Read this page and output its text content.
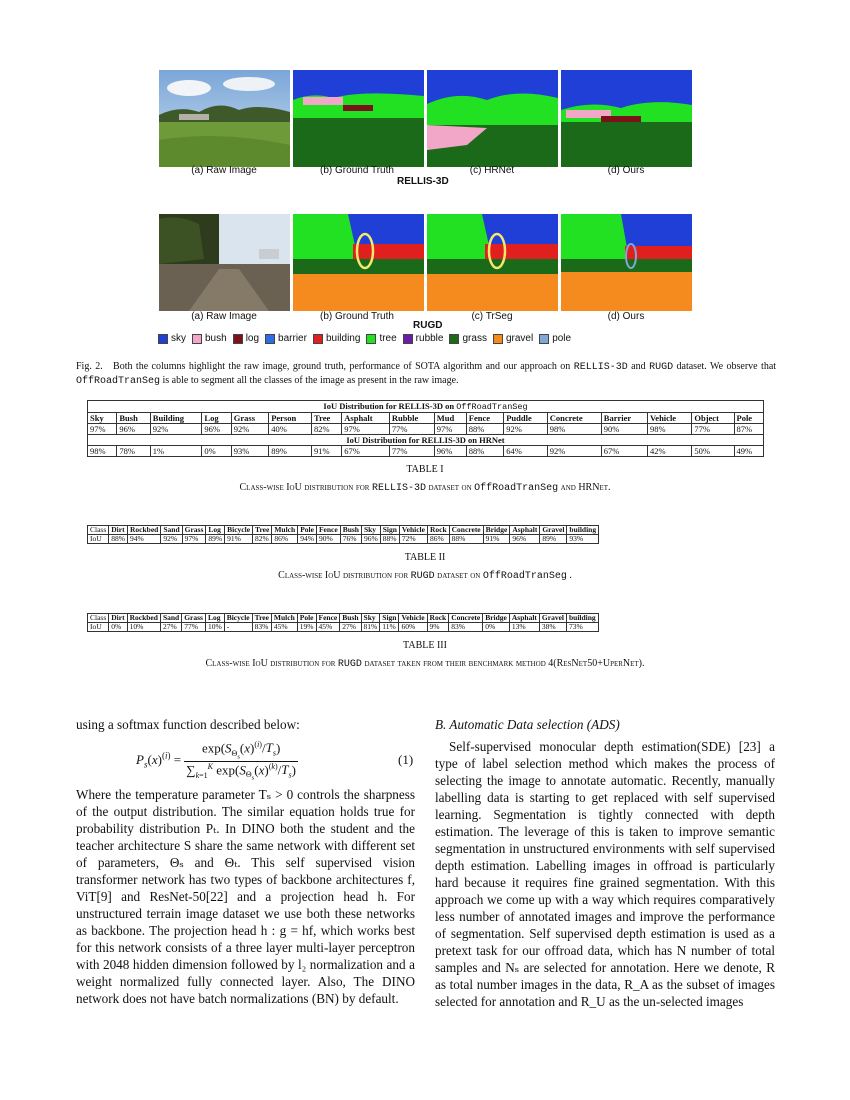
(a) Raw Image	(b) Ground Truth	(c) HRNet	(d) Ours
RELLIS-3D
(a) Raw Image	(b) Ground Truth	(c) TrSeg	(d) Ours
RUGD
sky bush log barrier building tree rubble grass gravel pole
Fig. 2. Both the columns highlight the raw image, ground truth, performance of SOTA algorithm and our approach on RELLIS-3D and RUGD dataset. We observe that OffRoadTranSeg is able to segment all the classes of the image as present in the raw image.
IoU Distribution for RELLIS-3D on OffRoadTranSeg																
Sky	Bush	Building	Log	Grass	Person	Tree	Asphalt	Rubble	Mud	Fence	Puddle	Concrete	Barrier	Vehicle	Object	Pole
97%	96%	92%	96%	92%	40%	82%	97%	77%	97%	88%	92%	98%	90%	98%	77%	87%
IoU Distribution for RELLIS-3D on HRNet																
98%	78%	1%	0%	93%	89%	91%	67%	77%	96%	88%	64%	92%	67%	42%	50%	49%
TABLE I
Class-wise IoU distribution for RELLIS-3D dataset on OffRoadTranSeg and HRNet.
Class	Dirt	Rockbed	Sand	Grass	Log	Bicycle	Tree	Mulch	Pole	Fence	Bush	Sky	Sign	Vehicle	Rock	Concrete	Bridge	Asphalt	Gravel	building
IoU	88%	94%	92%	97%	89%	91%	82%	86%	94%	90%	76%	96%	88%	72%	86%	88%	91%	96%	89%	93%
TABLE II
Class-wise IoU distribution for RUGD dataset on OffRoadTranSeg .
Class	Dirt	Rockbed	Sand	Grass	Log	Bicycle	Tree	Mulch	Pole	Fence	Bush	Sky	Sign	Vehicle	Rock	Concrete	Bridge	Asphalt	Gravel	building
IoU	0%	10%	27%	77%	10%	-	83%	45%	19%	45%	27%	81%	11%	60%	9%	83%	0%	13%	38%	73%
TABLE III
Class-wise IoU distribution for RUGD dataset taken from their benchmark method 4(ResNet50+UperNet).
using a softmax function described below:
$P_s(x)^{(i)} = \frac{\exp(S_{\Theta_s}(x)^{(i)}/T_s)}{\sum_{k=1}^K \exp(S_{\Theta_s}(x)^{(k)}/T_s)}$	(1)
Where the temperature parameter Tₛ > 0 controls the sharpness of the output distribution. The similar equation holds true for probability distribution Pₜ. In DINO both the student and the teacher architecture S share the same network with different set of parameters, Θₛ and Θₜ. This self supervised vision transformer network has two types of backbone architectures f, ViT[9] and ResNet-50[22] and a projection head h. For unstructured terrain image dataset we use both these networks as backbone. The projection head h : g = hf, which works best for this network consists of a three layer multi-layer perceptron with 2048 hidden dimension followed by l₂ normalization and a weight normalized fully connected layer. Also, The DINO network does not have batch normalizations (BN) by default.
B. Automatic Data selection (ADS)
Self-supervised monocular depth estimation(SDE) [23] a type of label selection method which makes the process of selecting the image to annotate automatic. Recently, manually labelling data is starting to get replaced with self supervised learning. Segmentation is tightly connected with depth estimation. The leverage of this is taken to improve semantic segmentation in unstructured environments with self supervised depth estimation. Labelling images in offroad is particularly hard because it requires fine grained segmentation. With this approach we come up with a way which requires comparatively less number of annotated images and improve the performance of segmentation. Self supervised depth estimation is used as a pretext task for our offroad data, which has N number of total samples and Nₛ are selected for annotation. Here we denote, R as total number images in the data, R_A as the subset of images selected for annotation and R_U as the un-selected images
